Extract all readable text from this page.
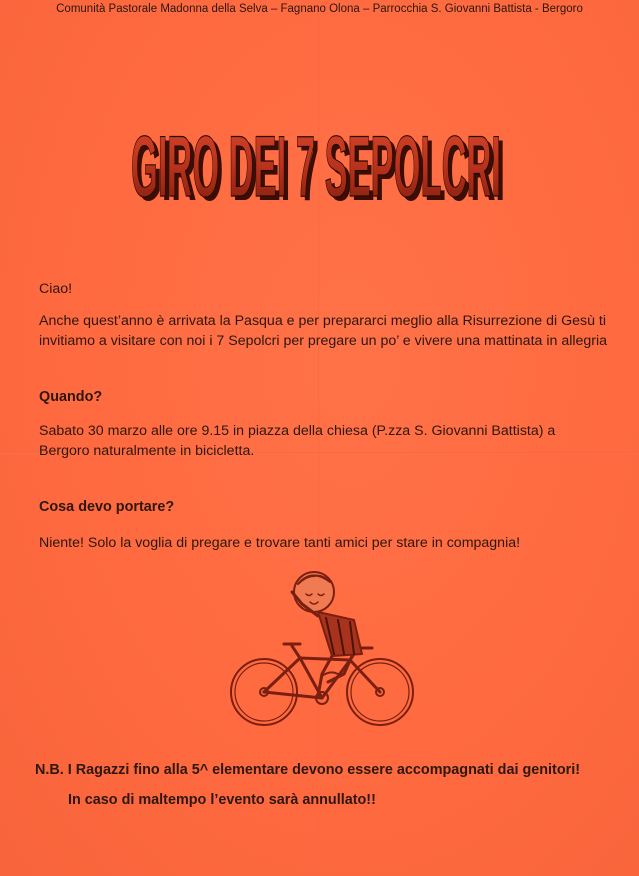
Comunità Pastorale Madonna della Selva – Fagnano Olona – Parrocchia S. Giovanni Battista - Bergoro
GIRO DEI 7 SEPOLCRI
GIRO DEI 7 SEPOLCRI
Ciao!
Anche quest’anno è arrivata la Pasqua e per prepararci meglio alla Risurrezione di Gesù ti
invitiamo a visitare con noi i 7 Sepolcri per pregare un po’ e vivere una mattinata in allegria
Quando?
Sabato 30 marzo alle ore 9.15 in piazza della chiesa (P.zza S. Giovanni Battista) a
Bergoro naturalmente in bicicletta.
Cosa devo portare?
Niente! Solo la voglia di pregare e trovare tanti amici per stare in compagnia!
N.B. I Ragazzi fino alla 5^ elementare devono essere accompagnati dai genitori!
In caso di maltempo l’evento sarà annullato!!
